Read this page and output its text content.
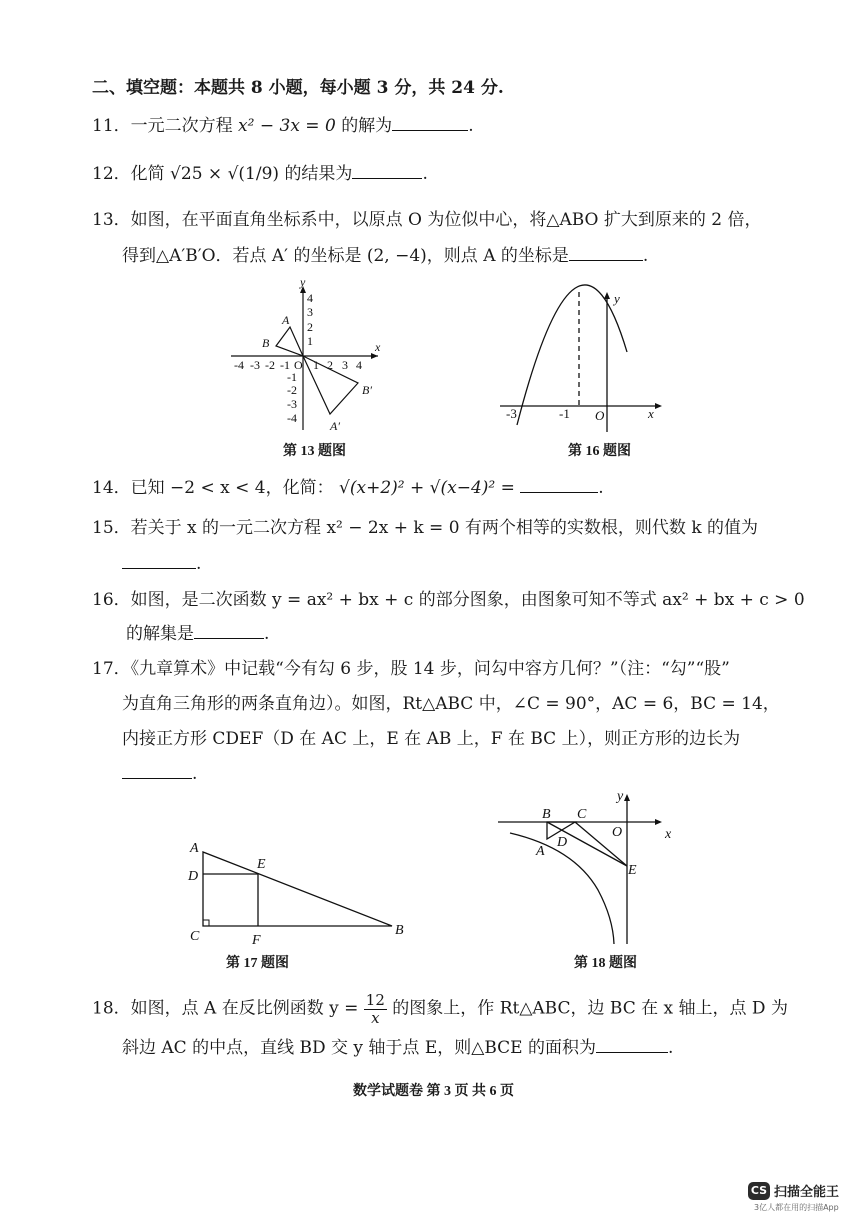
二、填空题：本题共 8 小题，每小题 3 分，共 24 分.
11．一元二次方程 x² − 3x = 0 的解为	.
12．化简 √25 × √(1/9) 的结果为	.
13．如图，在平面直角坐标系中，以原点 O 为位似中心，将△ABO 扩大到原来的 2 倍，
得到△A′B′O．若点 A′ 的坐标是 (2, −4)，则点 A 的坐标是	.
y
x
O
-4 -3 -2 -1 1 2 3 4
4
3
2
1
-1
-2
-3
-4
A
B
A′
B′
y
x
O
-3	-1
A
D
C
E
F
B
y
x
O
B C
A
D
E
第 13 题图	第 16 题图
第 17 题图	第 18 题图
14．已知 −2 < x < 4，化简： √(x+2)² + √(x−4)² =	.
15．若关于 x 的一元二次方程 x² − 2x + k = 0 有两个相等的实数根，则代数 k 的值为
.
16．如图，是二次函数 y = ax² + bx + c 的部分图象，由图象可知不等式 ax² + bx + c > 0
的解集是	.
17．《九章算术》中记载“今有勾 6 步，股 14 步，问勾中容方几何？”（注：“勾”“股”
为直角三角形的两条直角边）。如图，Rt△ABC 中，∠C = 90°，AC = 6，BC = 14，
内接正方形 CDEF（D 在 AC 上，E 在 AB 上，F 在 BC 上），则正方形的边长为
.
18．如图，点 A 在反比例函数 $y = \frac{12}{x}$ 的图象上，作 Rt△ABC，边 BC 在 x 轴上，点 D 为
斜边 AC 的中点，直线 BD 交 y 轴于点 E，则△BCE 的面积为	.
数学试题卷 第 3 页 共 6 页
CS 扫描全能王
3亿人都在用的扫描App
